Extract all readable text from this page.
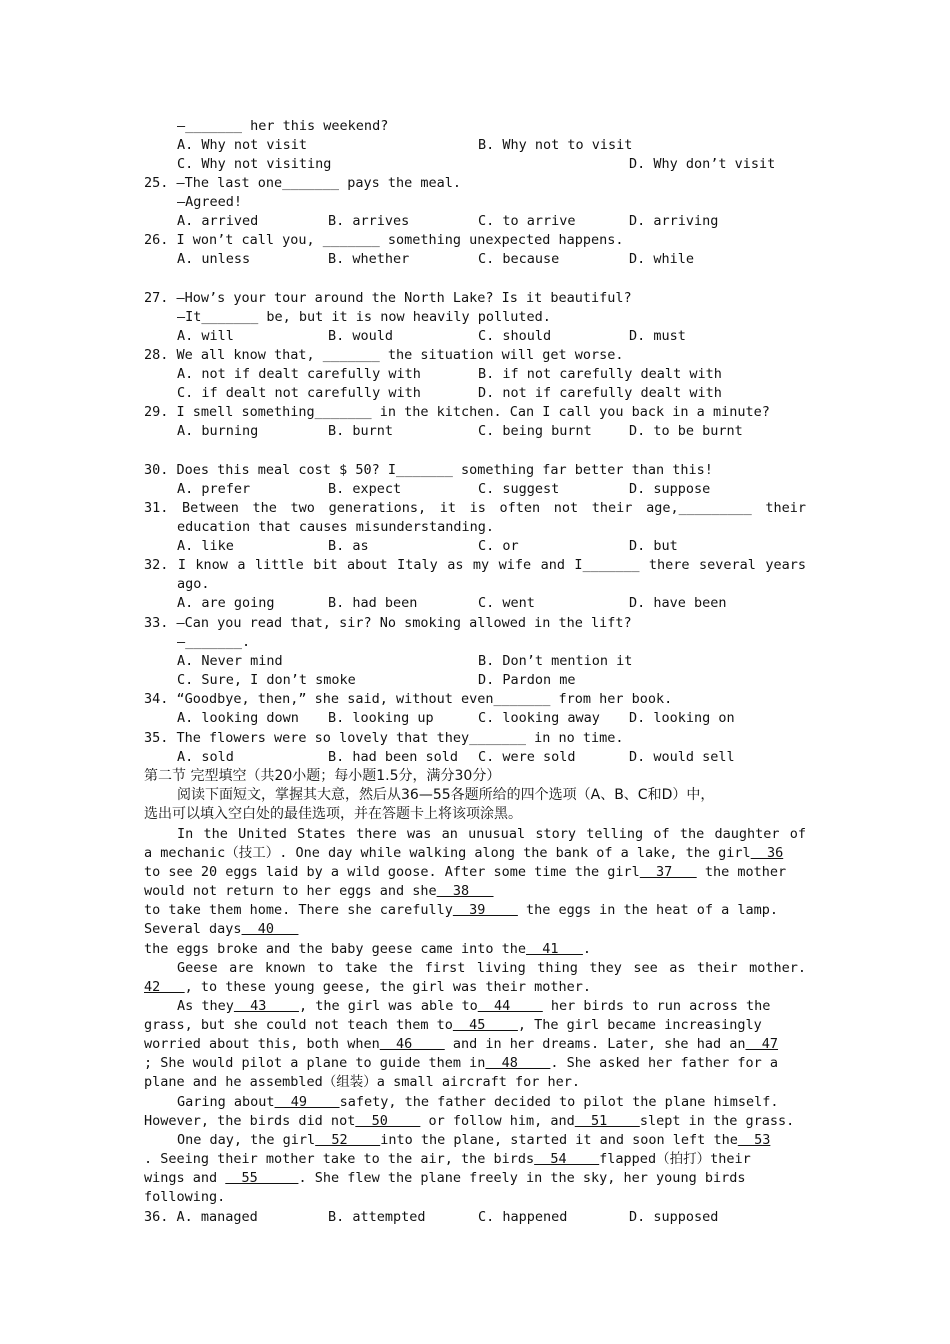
—_______ her this weekend?
A. Why not visit	B. Why not to visit
C. Why not visiting	D. Why don’t visit
25. —The last one_______ pays the meal.
—Agreed!
A. arrived	B. arrives	C. to arrive	D. arriving
26. I won’t call you, _______ something unexpected happens.
A. unless	B. whether	C. because	D. while
27. —How’s your tour around the North Lake? Is it beautiful?
—It_______ be, but it is now heavily polluted.
A. will	B. would	C. should	D. must
28. We all know that, _______ the situation will get worse.
A. not if dealt carefully with	B. if not carefully dealt with
C. if dealt not carefully with	D. not if carefully dealt with
29. I smell something_______ in the kitchen. Can I call you back in a minute?
A. burning	B. burnt	C. being burnt	D. to be burnt
30. Does this meal cost $ 50? I_______ something far better than this!
A. prefer	B. expect	C. suggest	D. suppose
31. Between the two generations, it is often not their age,_________ their
education that causes misunderstanding.
A. like	B. as	C. or	D. but
32. I know a little bit about Italy as my wife and I_______ there several years
ago.
A. are going	B. had been	C. went	D. have been
33. —Can you read that, sir? No smoking allowed in the lift?
—_______.
A. Never mind	B. Don’t mention it
C. Sure, I don’t smoke	D. Pardon me
34. “Goodbye, then,” she said, without even_______ from her book.
A. looking down B. looking up	C. looking away D. looking on
35. The flowers were so lovely that they_______ in no time.
A. sold	B. had been sold C. were sold	D. would sell
第二节 完型填空（共20小题；每小题1.5分，满分30分）
阅读下面短文，掌握其大意，然后从36—55各题所给的四个选项（A、B、C和D）中，
选出可以填入空白处的最佳选项，并在答题卡上将该项涂黑。
In the United States there was an unusual story telling of the daughter of
a mechanic（技工）. One day while walking along the bank of a lake, the girl  36
to see 20 eggs laid by a wild goose. After some time the girl  37    the mother
would not return to her eggs and she  38
to take them home. There she carefully  39     the eggs in the heat of a lamp.
Several days  40
the eggs broke and the baby geese came into the  41   .
Geese are known to take the first living thing they see as their mother.
42   , to these young geese, the girl was their mother.
As they  43    , the girl was able to  44     her birds to run across the
grass, but she could not teach them to  45    , The girl became increasingly
worried about this, both when  46     and in her dreams. Later, she had an  47
; She would pilot a plane to guide them in  48    . She asked her father for a
plane and he assembled（组装）a small aircraft for her.
Garing about  49    safety, the father decided to pilot the plane himself.
However, the birds did not  50     or follow him, and  51    slept in the grass.
One day, the girl  52    into the plane, started it and soon left the  53
. Seeing their mother take to the air, the birds  54    flapped（拍打）their
wings and   55     . She flew the plane freely in the sky, her young birds
following.
36. A. managed	B. attempted	C. happened	D. supposed
